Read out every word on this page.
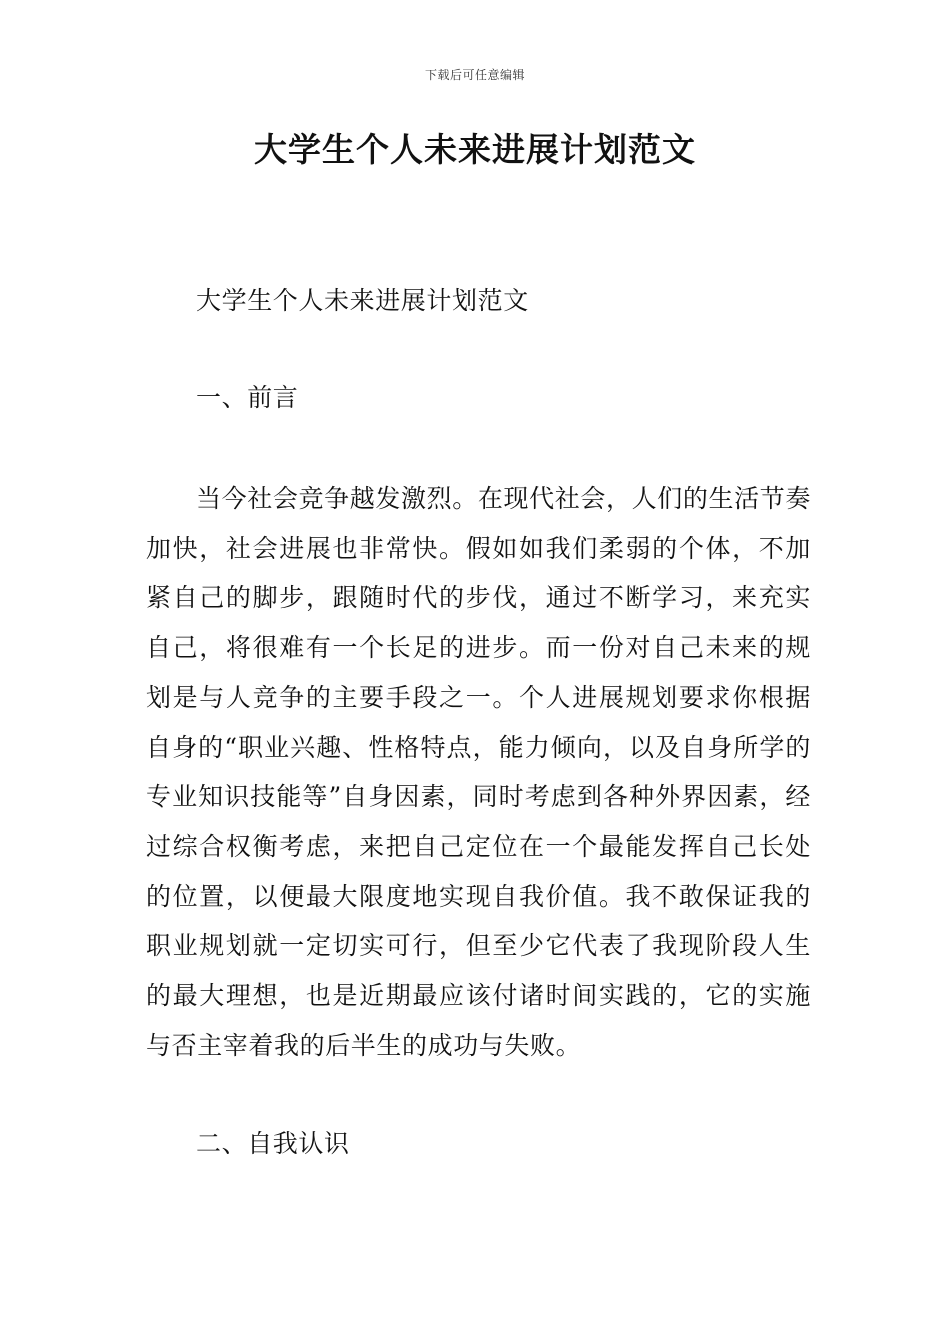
下载后可任意编辑
大学生个人未来进展计划范文

大学生个人未来进展计划范文

一、前言

当今社会竞争越发激烈。在现代社会，人们的生活节奏加快，社会进展也非常快。假如如我们柔弱的个体，不加紧自己的脚步，跟随时代的步伐，通过不断学习，来充实自己，将很难有一个长足的进步。而一份对自己未来的规划是与人竞争的主要手段之一。个人进展规划要求你根据自身的“职业兴趣、性格特点，能力倾向，以及自身所学的专业知识技能等”自身因素，同时考虑到各种外界因素，经过综合权衡考虑，来把自己定位在一个最能发挥自己长处的位置，以便最大限度地实现自我价值。我不敢保证我的职业规划就一定切实可行，但至少它代表了我现阶段人生的最大理想，也是近期最应该付诸时间实践的，它的实施与否主宰着我的后半生的成功与失败。

二、自我认识
